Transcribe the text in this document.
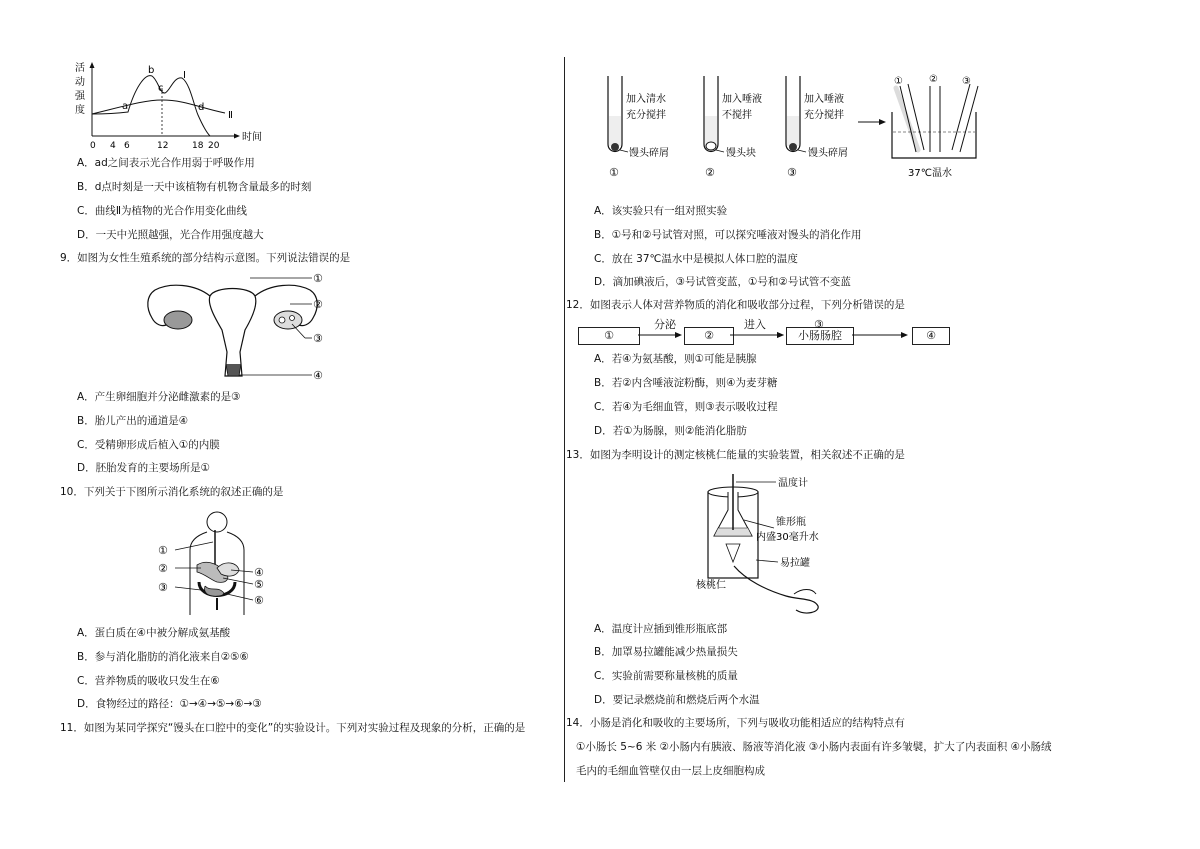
活
动
强
度	a
b
c
d
I
Ⅱ
0 4 6	12	18 20
时间
A．ad之间表示光合作用弱于呼吸作用
B．d点时刻是一天中该植物有机物含量最多的时刻
C．曲线Ⅱ为植物的光合作用变化曲线
D．一天中光照越强，光合作用强度越大
9．如图为女性生殖系统的部分结构示意图。下列说法错误的是
①
②
③
④
A．产生卵细胞并分泌雌激素的是③
B．胎儿产出的通道是④
C．受精卵形成后植入①的内膜
D．胚胎发育的主要场所是①
10．下列关于下图所示消化系统的叙述正确的是
①
②
③
④
⑤
⑥
A．蛋白质在④中被分解成氨基酸
B．参与消化脂肪的消化液来自②⑤⑥
C．营养物质的吸收只发生在⑥
D．食物经过的路径：①→④→⑤→⑥→③
11．如图为某同学探究“馒头在口腔中的变化”的实验设计。下列对实验过程及现象的分析，正确的是
加入清水
充分搅拌
馒头碎屑
①
加入唾液
不搅拌
馒头块
②
加入唾液
充分搅拌
馒头碎屑
③
①	② ③
37℃温水
A．该实验只有一组对照实验
B．①号和②号试管对照，可以探究唾液对馒头的消化作用
C．放在 37℃温水中是模拟人体口腔的温度
D．滴加碘液后，③号试管变蓝，①号和②号试管不变蓝
12．如图表示人体对营养物质的消化和吸收部分过程，下列分析错误的是
①
分泌
②
进入
小肠肠腔
③
④
A．若④为氨基酸，则①可能是胰腺
B．若②内含唾液淀粉酶，则④为麦芽糖
C．若④为毛细血管，则③表示吸收过程
D．若①为肠腺，则②能消化脂肪
13．如图为李明设计的测定核桃仁能量的实验装置，相关叙述不正确的是
温度计
锥形瓶
内盛30毫升水
易拉罐
核桃仁
A．温度计应插到锥形瓶底部
B．加罩易拉罐能减少热量损失
C．实验前需要称量核桃的质量
D．要记录燃烧前和燃烧后两个水温
14．小肠是消化和吸收的主要场所，下列与吸收功能相适应的结构特点有
①小肠长 5~6 米 ②小肠内有胰液、肠液等消化液 ③小肠内表面有许多皱襞，扩大了内表面积 ④小肠绒
毛内的毛细血管壁仅由一层上皮细胞构成
